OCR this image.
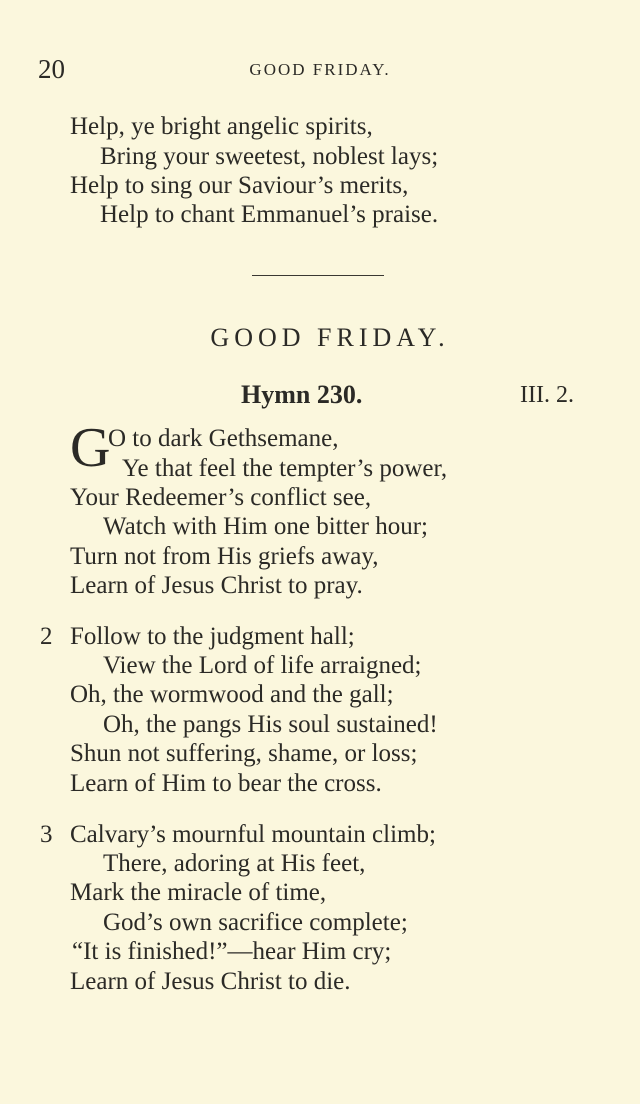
20	GOOD FRIDAY.
Help, ye bright angelic spirits,
Bring your sweetest, noblest lays;
Help to sing our Saviour’s merits,
Help to chant Emmanuel’s praise.
GOOD FRIDAY.
Hymn 230.	III. 2.
G
O to dark Gethsemane,
Ye that feel the tempter’s power,
Your Redeemer’s conflict see,
Watch with Him one bitter hour;
Turn not from His griefs away,
Learn of Jesus Christ to pray.
2 Follow to the judgment hall;
View the Lord of life arraigned;
Oh, the wormwood and the gall;
Oh, the pangs His soul sustained!
Shun not suffering, shame, or loss;
Learn of Him to bear the cross.
3 Calvary’s mournful mountain climb;
There, adoring at His feet,
Mark the miracle of time,
God’s own sacrifice complete;
“It is finished!”—hear Him cry;
Learn of Jesus Christ to die.
